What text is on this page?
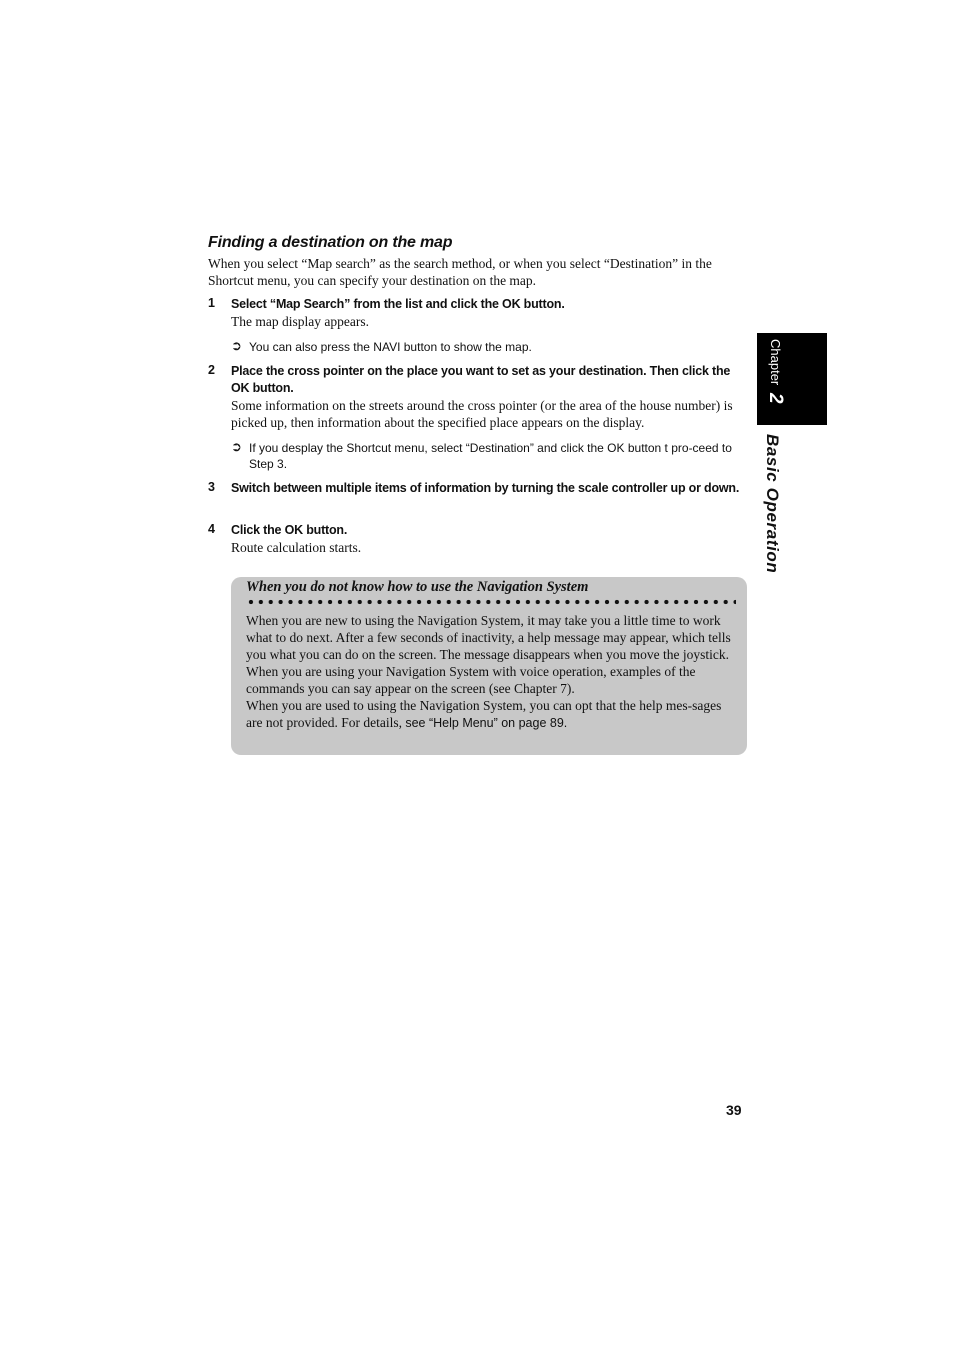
Finding a destination on the map
When you select “Map search” as the search method, or when you select “Destination” in the Shortcut menu, you can specify your destination on the map.
1 Select “Map Search” from the list and click the OK button.
The map display appears.
➲ You can also press the NAVI button to show the map.
2 Place the cross pointer on the place you want to set as your destination. Then click the OK button.
Some information on the streets around the cross pointer (or the area of the house number) is picked up, then information about the specified place appears on the display.
➲ If you desplay the Shortcut menu, select “Destination” and click the OK button t pro-ceed to Step 3.
3 Switch between multiple items of information by turning the scale controller up or down.
4 Click the OK button.
Route calculation starts.
Chapter 2
Basic Operation
When you do not know how to use the Navigation System

When you are new to using the Navigation System, it may take you a little time to work what to do next. After a few seconds of inactivity, a help message may appear, which tells you what you can do on the screen. The message disappears when you move the joystick.

When you are using your Navigation System with voice operation, examples of the commands you can say appear on the screen (see Chapter 7).

When you are used to using the Navigation System, you can opt that the help mes-sages are not provided. For details, see “Help Menu” on page 89.

39
